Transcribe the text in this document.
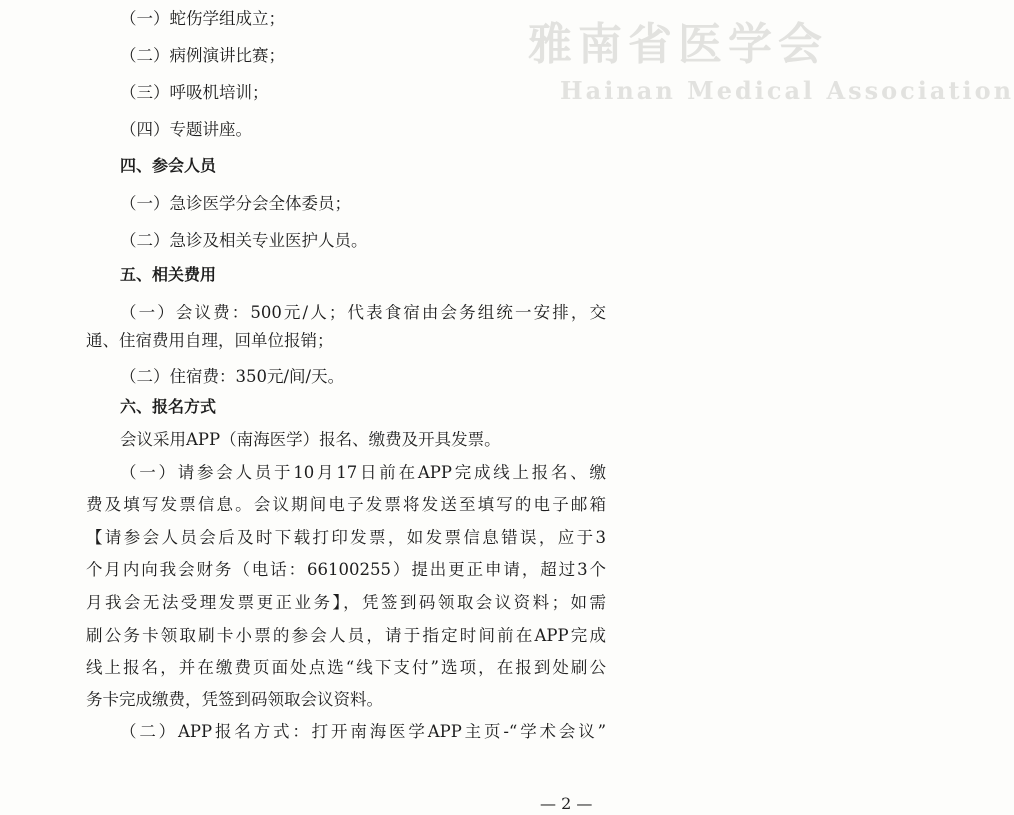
雅南省医学会
Hainan Medical Association
（一）蛇伤学组成立；
（二）病例演讲比赛；
（三）呼吸机培训；
（四）专题讲座。
四、参会人员
（一）急诊医学分会全体委员；
（二）急诊及相关专业医护人员。
五、相关费用
（一）会议费：500元/人；代表食宿由会务组统一安排，交
通、住宿费用自理，回单位报销；
（二）住宿费：350元/间/天。
六、报名方式
会议采用APP（南海医学）报名、缴费及开具发票。
（一）请参会人员于10月17日前在APP完成线上报名、缴
费及填写发票信息。会议期间电子发票将发送至填写的电子邮箱
【请参会人员会后及时下载打印发票，如发票信息错误，应于3
个月内向我会财务（电话：66100255）提出更正申请，超过3个
月我会无法受理发票更正业务】，凭签到码领取会议资料；如需
刷公务卡领取刷卡小票的参会人员，请于指定时间前在APP完成
线上报名，并在缴费页面处点选“线下支付”选项，在报到处刷公
务卡完成缴费，凭签到码领取会议资料。
（二）APP报名方式：打开南海医学APP主页-“学术会议”
— 2 —
